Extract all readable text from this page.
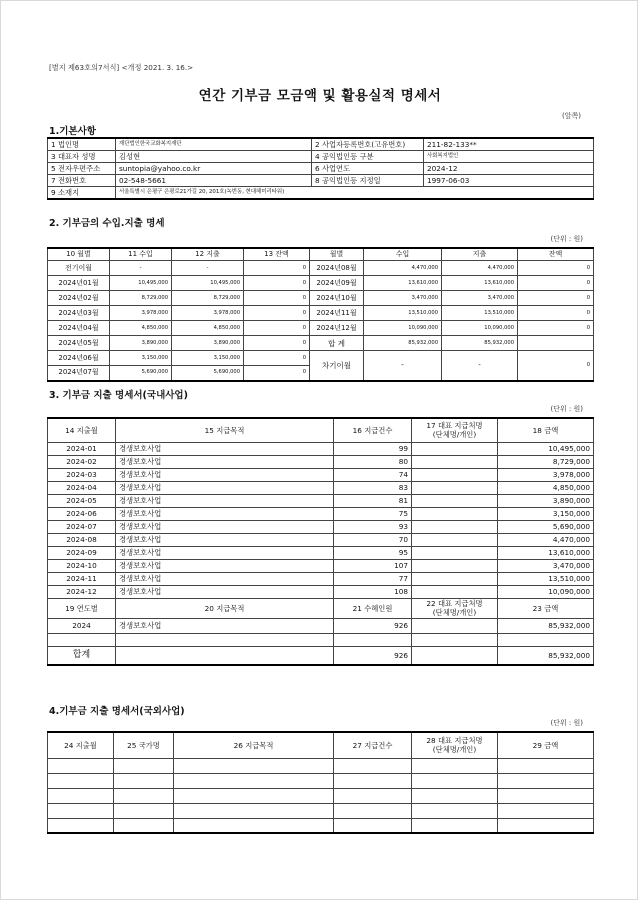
[별지 제63호의7서식] <개정 2021. 3. 16.>
연간 기부금 모금액 및 활용실적 명세서
(앞쪽)
1.기본사항
1 법인명	재단법인한국교화복지재단	2 사업자등록번호(고유번호)	211-82-133**
3 대표자 성명	김성현	4 공익법인등 구분	사회복지법인
5 전자우편주소	suntopia@yahoo.co.kr	6 사업연도	2024-12
7 전화번호	02-548-5661	8 공익법인등 지정일	1997-06-03
9 소재지	서울특별시 은평구 은평로21가길 20, 201호(녹번동, 현대혜미리타워)		
2. 기부금의 수입.지출 명세
(단위 : 원)
10 월별	11 수입	12 지출	13 잔액	월별	수입	지출	잔액
전기이월	-	-	0	2024년08월	4,470,000	4,470,000	0
2024년01월	10,495,000	10,495,000	0	2024년09월	13,610,000	13,610,000	0
2024년02월	8,729,000	8,729,000	0	2024년10월	3,470,000	3,470,000	0
2024년03월	3,978,000	3,978,000	0	2024년11월	13,510,000	13,510,000	0
2024년04월	4,850,000	4,850,000	0	2024년12월	10,090,000	10,090,000	0
2024년05월	3,890,000	3,890,000	0	합 계	85,932,000	85,932,000	
2024년06월	3,150,000	3,150,000	0	차기이월	-	-	0
2024년07월	5,690,000	5,690,000	0				
3. 기부금 지출 명세서(국내사업)
(단위 : 원)
14 지출월	15 지급목적	16 지급건수	17 대표 지급처명
(단체명/개인)	18 금액
2024-01	경생보호사업	99		10,495,000
2024-02	경생보호사업	80		8,729,000
2024-03	경생보호사업	74		3,978,000
2024-04	경생보호사업	83		4,850,000
2024-05	경생보호사업	81		3,890,000
2024-06	경생보호사업	75		3,150,000
2024-07	경생보호사업	93		5,690,000
2024-08	경생보호사업	70		4,470,000
2024-09	경생보호사업	95		13,610,000
2024-10	경생보호사업	107		3,470,000
2024-11	경생보호사업	77		13,510,000
2024-12	경생보호사업	108		10,090,000
19 연도별	20 지급목적	21 수혜인원	22 대표 지급처명
(단체명/개인)	23 금액
2024	경생보호사업	926		85,932,000

합계		926		85,932,000
4.기부금 지출 명세서(국외사업)
(단위 : 원)
24 지출월	25 국가명	26 지급목적	27 지급건수	28 대표 지급처명
(단체명/개인)	29 금액
